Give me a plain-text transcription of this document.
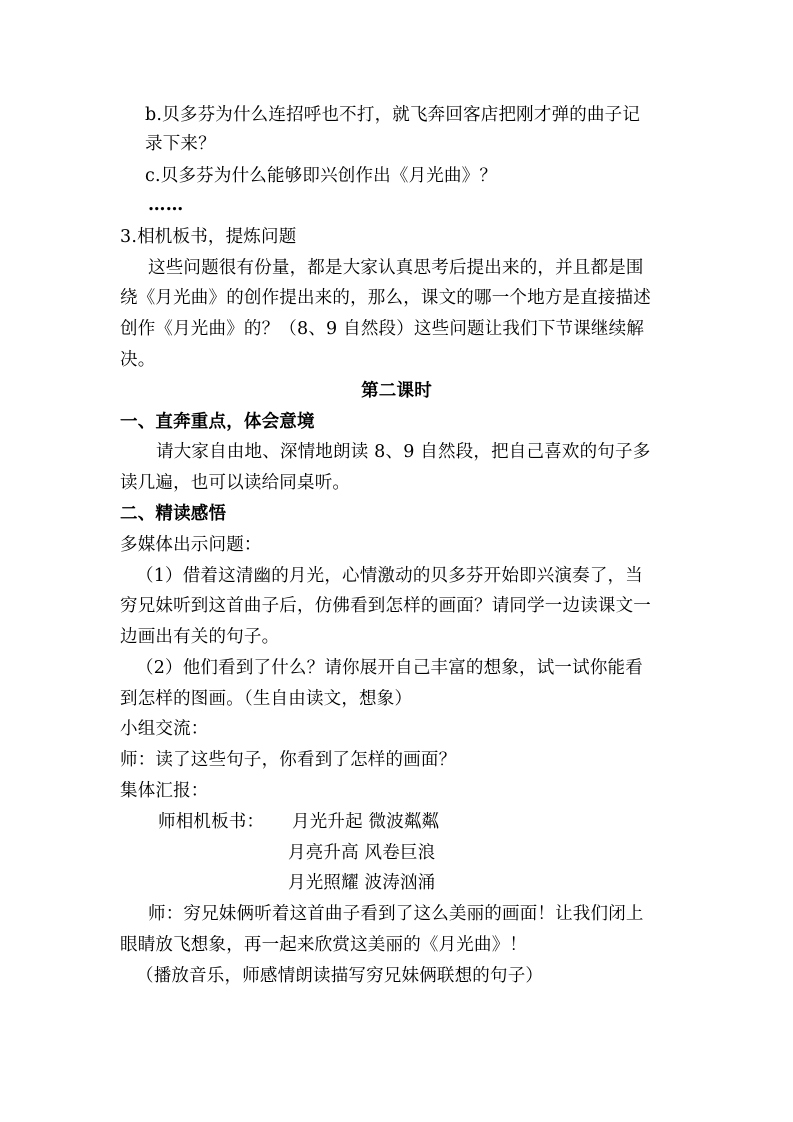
b.贝多芬为什么连招呼也不打，就飞奔回客店把刚才弹的曲子记
录下来？
c.贝多芬为什么能够即兴创作出《月光曲》？
……
3.相机板书，提炼问题
这些问题很有份量，都是大家认真思考后提出来的，并且都是围
绕《月光曲》的创作提出来的，那么，课文的哪一个地方是直接描述
创作《月光曲》的？（8、9 自然段）这些问题让我们下节课继续解
决。
第二课时
一、直奔重点，体会意境
请大家自由地、深情地朗读 8、9 自然段，把自己喜欢的句子多
读几遍，也可以读给同桌听。
二、精读感悟
多媒体出示问题：
（1）借着这清幽的月光，心情激动的贝多芬开始即兴演奏了，当
穷兄妹听到这首曲子后，仿佛看到怎样的画面？请同学一边读课文一
边画出有关的句子。
（2）他们看到了什么？请你展开自己丰富的想象，试一试你能看
到怎样的图画。（生自由读文，想象）
小组交流：
师：读了这些句子，你看到了怎样的画面？
集体汇报：
师相机板书： 月光升起 微波粼粼
月亮升高 风卷巨浪
月光照耀 波涛汹涌
师：穷兄妹俩听着这首曲子看到了这么美丽的画面！让我们闭上
眼睛放飞想象，再一起来欣赏这美丽的《月光曲》！
（播放音乐，师感情朗读描写穷兄妹俩联想的句子）
